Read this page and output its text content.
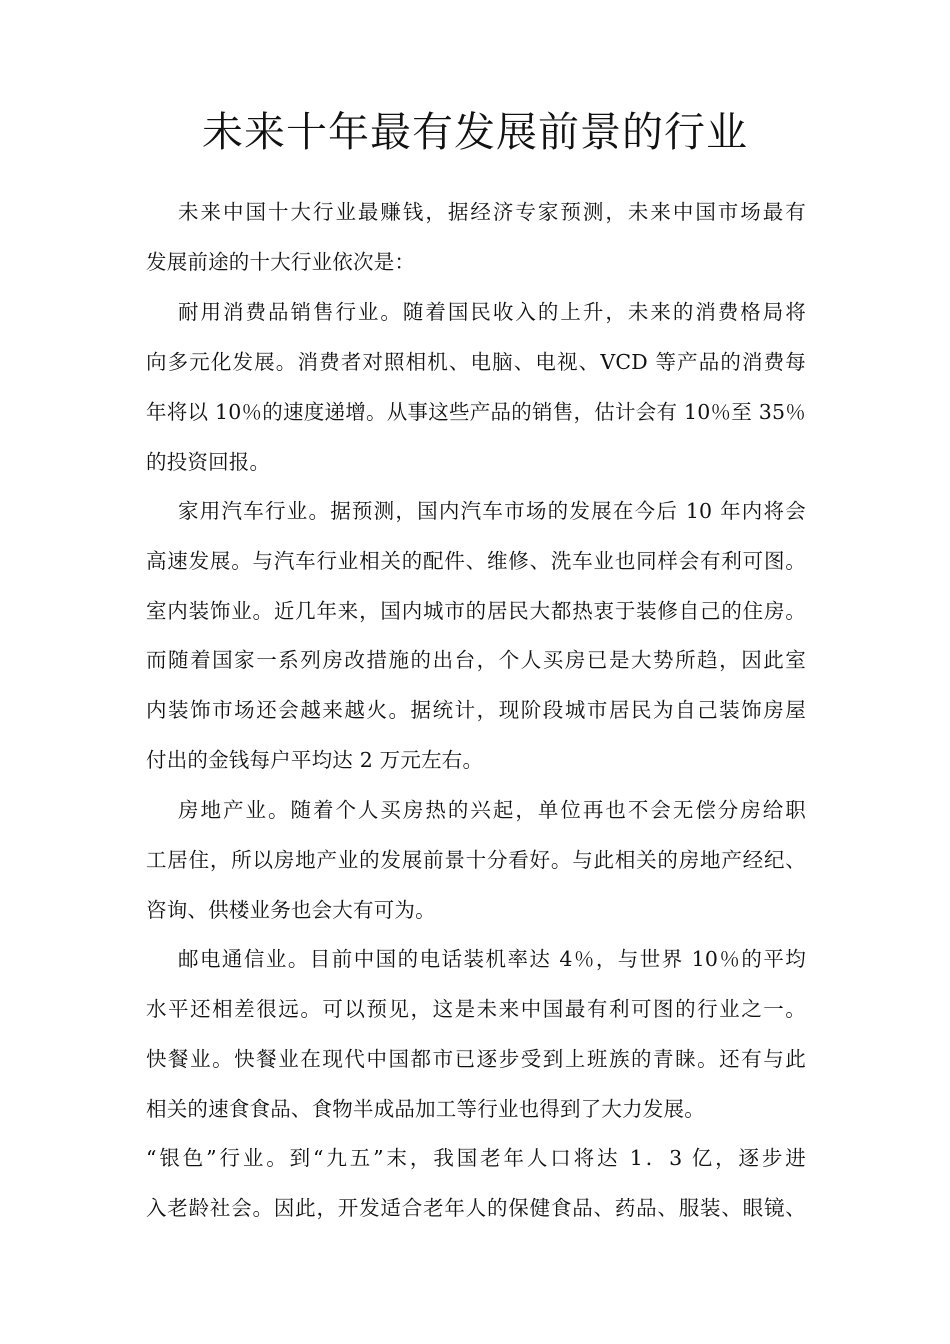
未来十年最有发展前景的行业
未来中国十大行业最赚钱，据经济专家预测，未来中国市场最有
发展前途的十大行业依次是：
耐用消费品销售行业。随着国民收入的上升，未来的消费格局将
向多元化发展。消费者对照相机、电脑、电视、VCD 等产品的消费每
年将以 10％的速度递增。从事这些产品的销售，估计会有 10％至 35％
的投资回报。
家用汽车行业。据预测，国内汽车市场的发展在今后 10 年内将会
高速发展。与汽车行业相关的配件、维修、洗车业也同样会有利可图。
室内装饰业。近几年来，国内城市的居民大都热衷于装修自己的住房。
而随着国家一系列房改措施的出台，个人买房已是大势所趋，因此室
内装饰市场还会越来越火。据统计，现阶段城市居民为自己装饰房屋
付出的金钱每户平均达 2 万元左右。
房地产业。随着个人买房热的兴起，单位再也不会无偿分房给职
工居住，所以房地产业的发展前景十分看好。与此相关的房地产经纪、
咨询、供楼业务也会大有可为。
邮电通信业。目前中国的电话装机率达 4％，与世界 10％的平均
水平还相差很远。可以预见，这是未来中国最有利可图的行业之一。
快餐业。快餐业在现代中国都市已逐步受到上班族的青睐。还有与此
相关的速食食品、食物半成品加工等行业也得到了大力发展。
“银色”行业。到“九五”末，我国老年人口将达 1．3 亿，逐步进
入老龄社会。因此，开发适合老年人的保健食品、药品、服装、眼镜、
